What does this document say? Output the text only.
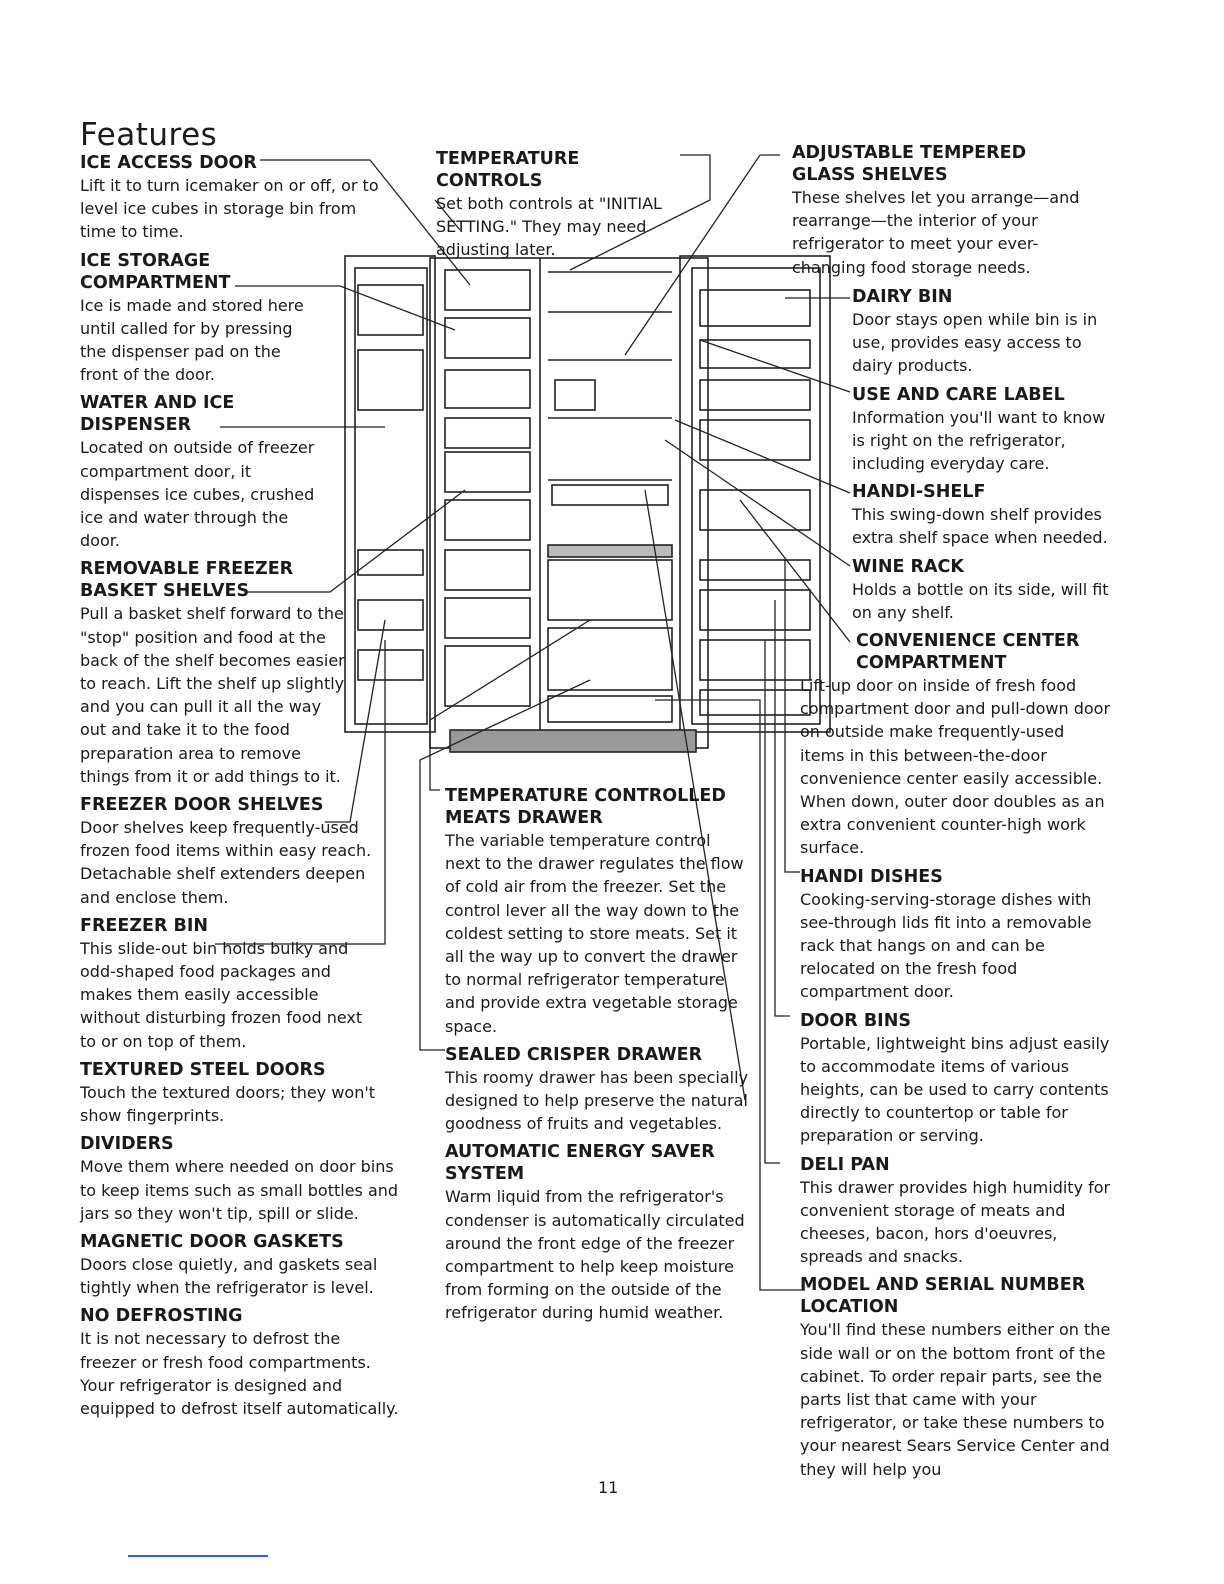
Features
ICE ACCESS DOOR

Lift it to turn icemaker on or off, or to level ice cubes in storage bin from time to time.

ICE STORAGE COMPARTMENT

Ice is made and stored here until called for by pressing the dispenser pad on the front of the door.

WATER AND ICE DISPENSER

Located on outside of freezer compartment door, it dispenses ice cubes, crushed ice and water through the door.

REMOVABLE FREEZER BASKET SHELVES

Pull a basket shelf forward to the "stop" position and food at the back of the shelf becomes easier to reach. Lift the shelf up slightly and you can pull it all the way out and take it to the food preparation area to remove things from it or add things to it.

FREEZER DOOR SHELVES

Door shelves keep frequently-used frozen food items within easy reach. Detachable shelf extenders deepen and enclose them.

FREEZER BIN

This slide-out bin holds bulky and odd-shaped food packages and makes them easily accessible without disturbing frozen food next to or on top of them.

TEXTURED STEEL DOORS

Touch the textured doors; they won't show fingerprints.

DIVIDERS

Move them where needed on door bins to keep items such as small bottles and jars so they won't tip, spill or slide.

MAGNETIC DOOR GASKETS

Doors close quietly, and gaskets seal tightly when the refrigerator is level.

NO DEFROSTING

It is not necessary to defrost the freezer or fresh food compartments. Your refrigerator is designed and equipped to defrost itself automatically.

TEMPERATURE CONTROLS

Set both controls at "INITIAL SETTING." They may need adjusting later.

TEMPERATURE CONTROLLED MEATS DRAWER

The variable temperature control next to the drawer regulates the flow of cold air from the freezer. Set the control lever all the way down to the coldest setting to store meats. Set it all the way up to convert the drawer to normal refrigerator temperature and provide extra vegetable storage space.

SEALED CRISPER DRAWER

This roomy drawer has been specially designed to help preserve the natural goodness of fruits and vegetables.

AUTOMATIC ENERGY SAVER SYSTEM

Warm liquid from the refrigerator's condenser is automatically circulated around the front edge of the freezer compartment to help keep moisture from forming on the outside of the refrigerator during humid weather.

ADJUSTABLE TEMPERED GLASS SHELVES

These shelves let you arrange—and rearrange—the interior of your refrigerator to meet your ever-changing food storage needs.

DAIRY BIN

Door stays open while bin is in use, provides easy access to dairy products.

USE AND CARE LABEL

Information you'll want to know is right on the refrigerator, including everyday care.

HANDI-SHELF

This swing-down shelf provides extra shelf space when needed.

WINE RACK

Holds a bottle on its side, will fit on any shelf.

CONVENIENCE CENTER COMPARTMENT

Lift-up door on inside of fresh food compartment door and pull-down door on outside make frequently-used items in this between-the-door convenience center easily accessible. When down, outer door doubles as an extra convenient counter-high work surface.

HANDI DISHES

Cooking-serving-storage dishes with see-through lids fit into a removable rack that hangs on and can be relocated on the fresh food compartment door.

DOOR BINS

Portable, lightweight bins adjust easily to accommodate items of various heights, can be used to carry contents directly to countertop or table for preparation or serving.

DELI PAN

This drawer provides high humidity for convenient storage of meats and cheeses, bacon, hors d'oeuvres, spreads and snacks.

MODEL AND SERIAL NUMBER LOCATION

You'll find these numbers either on the side wall or on the bottom front of the cabinet. To order repair parts, see the parts list that came with your refrigerator, or take these numbers to your nearest Sears Service Center and they will help you

11
